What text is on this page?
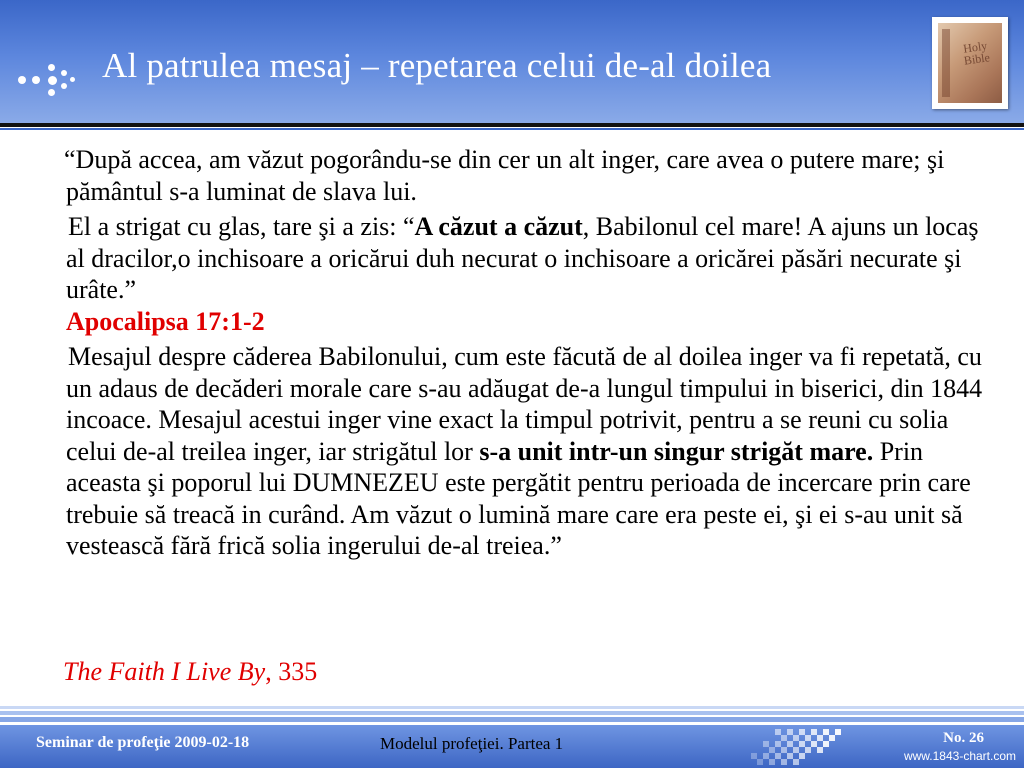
Al patrulea mesaj – repetarea celui de-al doilea	Holy Bible

“După accea, am văzut pogorându-se din cer un alt inger, care avea o putere mare; şi pământul s-a luminat de slava lui.

El a strigat cu glas, tare şi a zis: “A căzut a căzut, Babilonul cel mare! A ajuns un locaş al dracilor,o inchisoare a oricărui duh necurat o inchisoare a oricărei păsări necurate şi urâte.”
Apocalipsa 17:1-2

Mesajul despre căderea Babilonului, cum este făcută de al doilea inger va fi repetată, cu un adaus de decăderi morale care s-au adăugat de-a lungul timpului in biserici, din 1844 incoace. Mesajul acestui inger vine exact la timpul potrivit, pentru a se reuni cu solia celui de-al treilea inger, iar strigătul lor s-a unit intr-un singur strigăt mare. Prin aceasta şi poporul lui DUMNEZEU este pergătit pentru perioada de incercare prin care trebuie să treacă in curând. Am văzut o lumină mare care era peste ei, şi ei s-au unit să vestească fără frică solia ingerului de-al treiea.”

The Faith I Live By, 335
Seminar de profeţie 2009-02-18	Modelul profeţiei. Partea 1	No. 26
www.1843-chart.com
